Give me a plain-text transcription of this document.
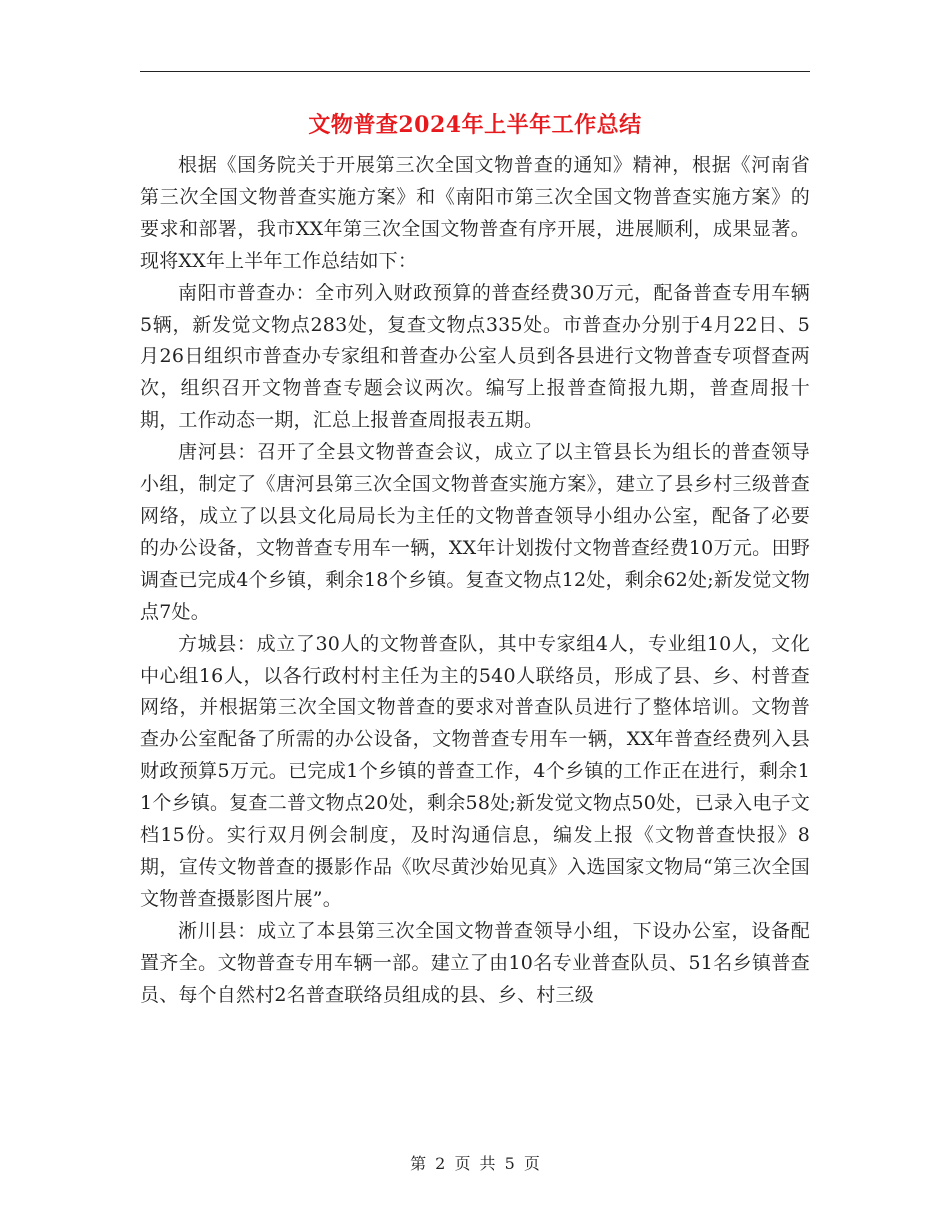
文物普查2024年上半年工作总结

根据《国务院关于开展第三次全国文物普查的通知》精神，根据《河南省第三次全国文物普查实施方案》和《南阳市第三次全国文物普查实施方案》的要求和部署，我市XX年第三次全国文物普查有序开展，进展顺利，成果显著。现将XX年上半年工作总结如下：

南阳市普查办：全市列入财政预算的普查经费30万元，配备普查专用车辆5辆，新发觉文物点283处，复查文物点335处。市普查办分别于4月22日、5月26日组织市普查办专家组和普查办公室人员到各县进行文物普查专项督查两次，组织召开文物普查专题会议两次。编写上报普查简报九期，普查周报十期，工作动态一期，汇总上报普查周报表五期。

唐河县：召开了全县文物普查会议，成立了以主管县长为组长的普查领导小组，制定了《唐河县第三次全国文物普查实施方案》，建立了县乡村三级普查网络，成立了以县文化局局长为主任的文物普查领导小组办公室，配备了必要的办公设备，文物普查专用车一辆，XX年计划拨付文物普查经费10万元。田野调查已完成4个乡镇，剩余18个乡镇。复查文物点12处，剩余62处;新发觉文物点7处。

方城县：成立了30人的文物普查队，其中专家组4人，专业组10人，文化中心组16人，以各行政村村主任为主的540人联络员，形成了县、乡、村普查网络，并根据第三次全国文物普查的要求对普查队员进行了整体培训。文物普查办公室配备了所需的办公设备，文物普查专用车一辆，XX年普查经费列入县财政预算5万元。已完成1个乡镇的普查工作，4个乡镇的工作正在进行，剩余11个乡镇。复查二普文物点20处，剩余58处;新发觉文物点50处，已录入电子文档15份。实行双月例会制度，及时沟通信息，编发上报《文物普查快报》8期，宣传文物普查的摄影作品《吹尽黄沙始见真》入选国家文物局“第三次全国文物普查摄影图片展”。

淅川县：成立了本县第三次全国文物普查领导小组，下设办公室，设备配置齐全。文物普查专用车辆一部。建立了由10名专业普查队员、51名乡镇普查员、每个自然村2名普查联络员组成的县、乡、村三级

第 2 页 共 5 页
